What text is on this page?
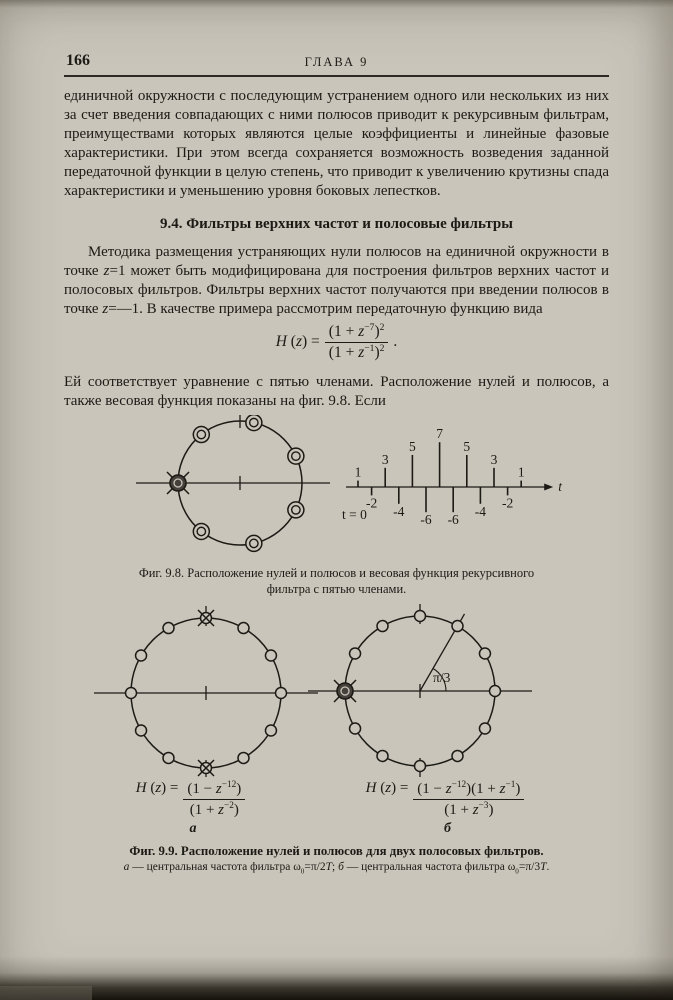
166	ГЛАВА 9

единичной окружности с последующим устранением одного или нескольких из них за счет введения совпадающих с ними полюсов приводит к рекурсивным фильтрам, преимуществами которых являются целые коэффициенты и линейные фазовые характеристики. При этом всегда сохраняется возможность возведения заданной передаточной функции в целую степень, что приводит к увеличению крутизны спада характеристики и уменьшению уровня боковых лепестков.

9.4. Фильтры верхних частот и полосовые фильтры

Методика размещения устраняющих нули полюсов на единичной окружности в точке z=1 может быть модифицирована для построения фильтров верхних частот и полосовых фильтров. Фильтры верхних частот получаются при введении полюсов в точке z=—1. В качестве примера рассмотрим передаточную функцию вида

H $(z) = \frac{(1 + z^{-7})^2}{(1 + z^{-1})^2}$ .

Ей соответствует уравнение с пятью членами. Расположение нулей и полюсов, а также весовая функция показаны на фиг. 9.8. Если

t
1
-2
3
-4
5
-6
7
-6
5
-4
3
-2
1
t = 0
Фиг. 9.8. Расположение нулей и полюсов и весовая функция рекурсивного
фильтра с пятью членами.
π/3
H $(z) = \frac{(1 - z^{-12})}{(1 + z^{-2})}$	H $(z) = \frac{(1 - z^{-12})(1 + z^{-1})}{(1 + z^{-3})}$
а	б
Фиг. 9.9. Расположение нулей и полюсов для двух полосовых фильтров.
а — центральная частота фильтра $\omega_0=\pi/2T$; б — центральная частота фильтра $\omega_0=\pi/3T$.
